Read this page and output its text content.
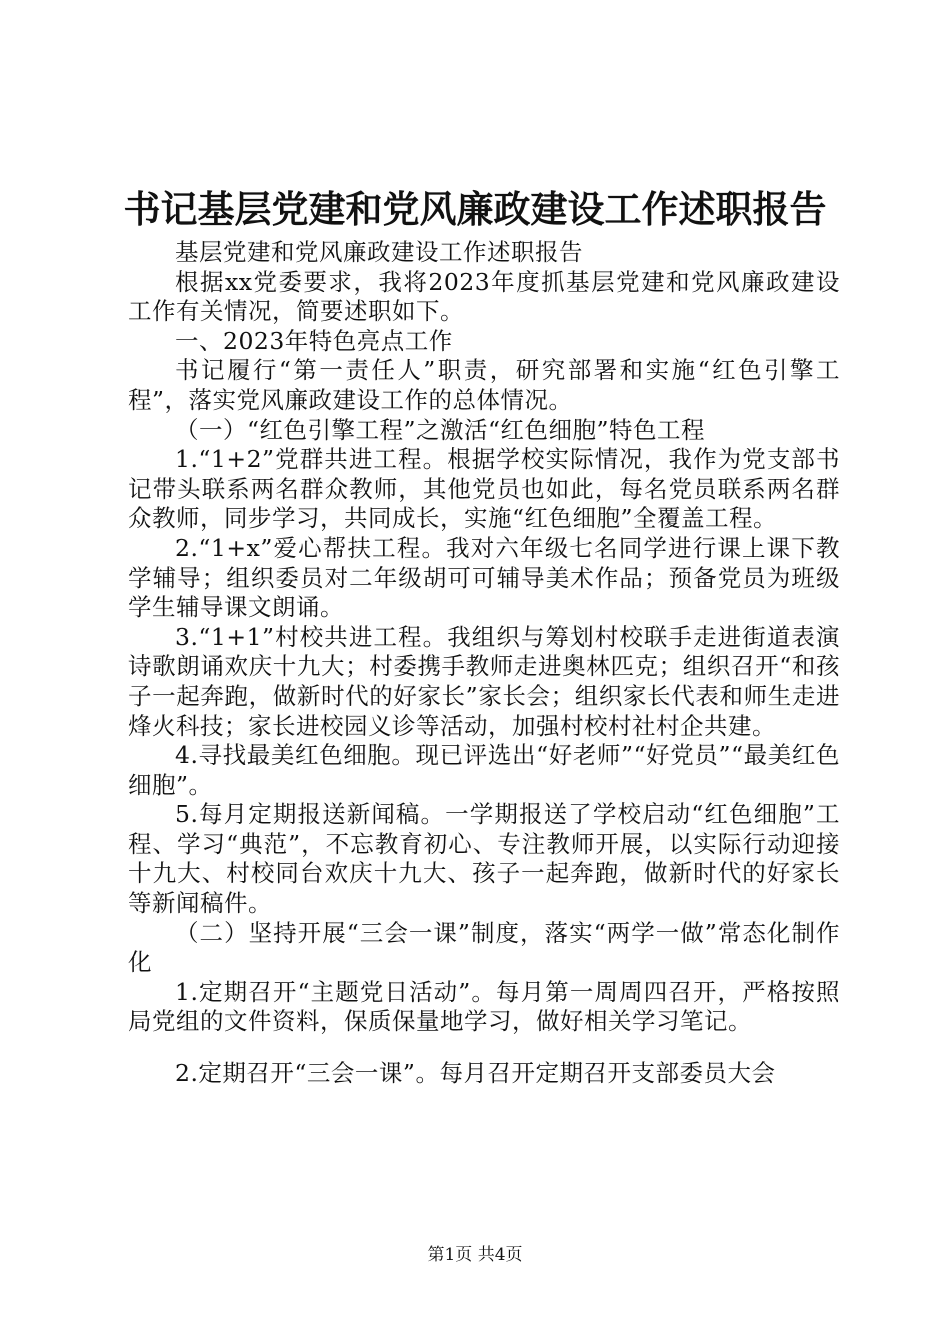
书记基层党建和党风廉政建设工作述职报告

基层党建和党风廉政建设工作述职报告

根据xx党委要求，我将2023年度抓基层党建和党风廉政建设工作有关情况，简要述职如下。

一、2023年特色亮点工作

书记履行“第一责任人”职责，研究部署和实施“红色引擎工程”，落实党风廉政建设工作的总体情况。

（一）“红色引擎工程”之激活“红色细胞”特色工程

1.“1+2”党群共进工程。根据学校实际情况，我作为党支部书记带头联系两名群众教师，其他党员也如此，每名党员联系两名群众教师，同步学习，共同成长，实施“红色细胞”全覆盖工程。

2.“1+x”爱心帮扶工程。我对六年级七名同学进行课上课下教学辅导；组织委员对二年级胡可可辅导美术作品；预备党员为班级学生辅导课文朗诵。

3.“1+1”村校共进工程。我组织与筹划村校联手走进街道表演诗歌朗诵欢庆十九大；村委携手教师走进奥林匹克；组织召开“和孩子一起奔跑，做新时代的好家长”家长会；组织家长代表和师生走进烽火科技；家长进校园义诊等活动，加强村校村社村企共建。

4.寻找最美红色细胞。现已评选出“好老师”“好党员”“最美红色细胞”。

5.每月定期报送新闻稿。一学期报送了学校启动“红色细胞”工程、学习“典范”，不忘教育初心、专注教师开展，以实际行动迎接十九大、村校同台欢庆十九大、孩子一起奔跑，做新时代的好家长等新闻稿件。

（二）坚持开展“三会一课”制度，落实“两学一做”常态化制作化

1.定期召开“主题党日活动”。每月第一周周四召开，严格按照局党组的文件资料，保质保量地学习，做好相关学习笔记。

2.定期召开“三会一课”。每月召开定期召开支部委员大会

第1页 共4页
